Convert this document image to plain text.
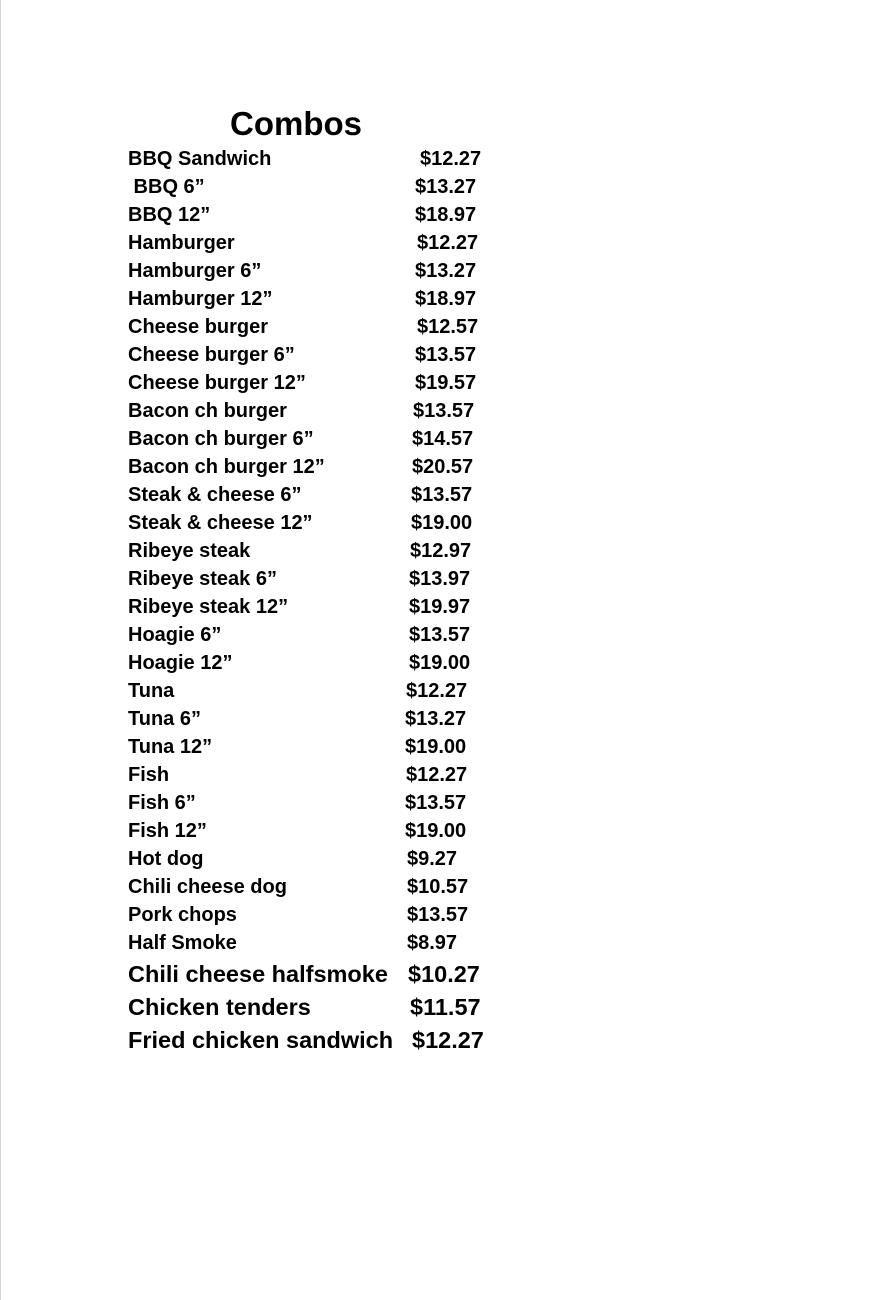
Combos
BBQ Sandwich	$12.27
BBQ 6”	$13.27
BBQ 12”	$18.97
Hamburger	$12.27
Hamburger 6”	$13.27
Hamburger 12”	$18.97
Cheese burger	$12.57
Cheese burger 6”	$13.57
Cheese burger 12”	$19.57
Bacon ch burger	$13.57
Bacon ch burger 6”	$14.57
Bacon ch burger 12”	$20.57
Steak & cheese 6”	$13.57
Steak & cheese 12”	$19.00
Ribeye steak	$12.97
Ribeye steak 6”	$13.97
Ribeye steak 12”	$19.97
Hoagie 6”	$13.57
Hoagie 12”	$19.00
Tuna	$12.27
Tuna 6”	$13.27
Tuna 12”	$19.00
Fish	$12.27
Fish 6”	$13.57
Fish 12”	$19.00
Hot dog	$9.27
Chili cheese dog	$10.57
Pork chops	$13.57
Half Smoke	$8.97
Chili cheese halfsmoke $10.27
Chicken tenders	$11.57
Fried chicken sandwich $12.27
